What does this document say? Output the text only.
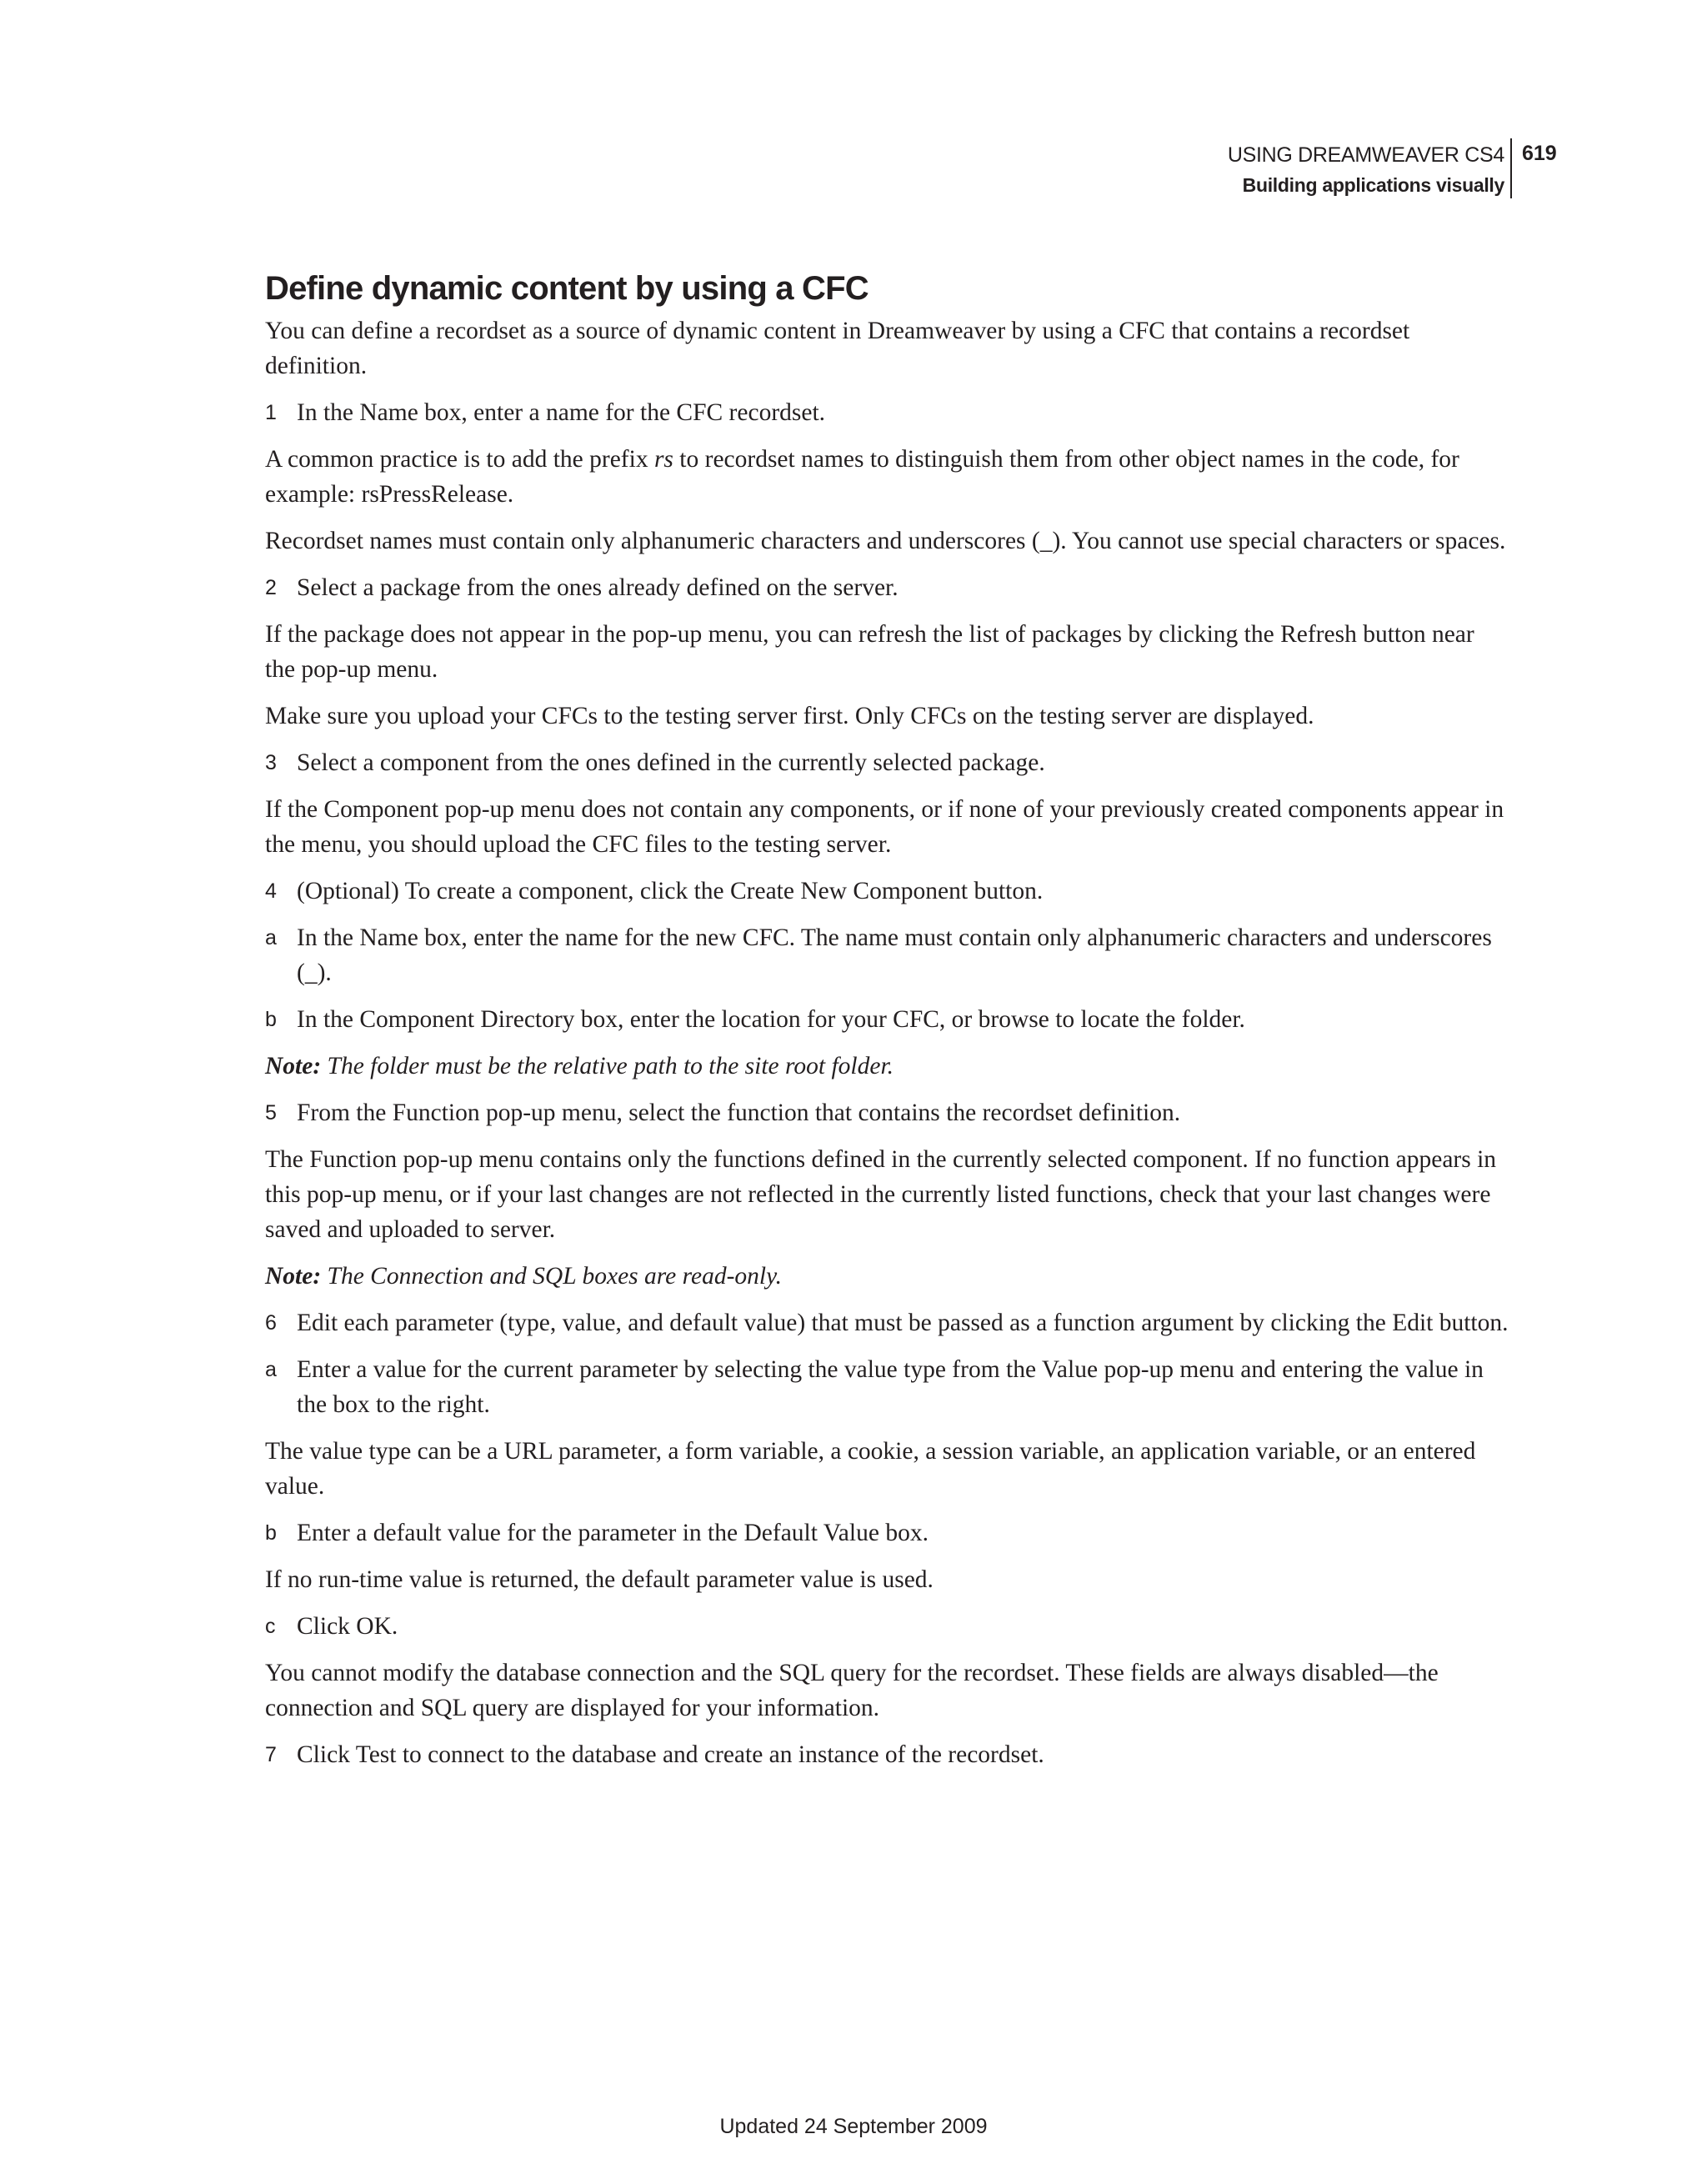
USING DREAMWEAVER CS4
Building applications visually
619
Define dynamic content by using a CFC

You can define a recordset as a source of dynamic content in Dreamweaver by using a CFC that contains a recordset definition.

1 In the Name box, enter a name for the CFC recordset.

A common practice is to add the prefix rs to recordset names to distinguish them from other object names in the code, for example: rsPressRelease.

Recordset names must contain only alphanumeric characters and underscores (_). You cannot use special characters or spaces.

2 Select a package from the ones already defined on the server.

If the package does not appear in the pop-up menu, you can refresh the list of packages by clicking the Refresh button near the pop-up menu.

Make sure you upload your CFCs to the testing server first. Only CFCs on the testing server are displayed.

3 Select a component from the ones defined in the currently selected package.

If the Component pop-up menu does not contain any components, or if none of your previously created components appear in the menu, you should upload the CFC files to the testing server.

4 (Optional) To create a component, click the Create New Component button.
a In the Name box, enter the name for the new CFC. The name must contain only alphanumeric characters and underscores (_).
b In the Component Directory box, enter the location for your CFC, or browse to locate the folder.

Note: The folder must be the relative path to the site root folder.

5 From the Function pop-up menu, select the function that contains the recordset definition.

The Function pop-up menu contains only the functions defined in the currently selected component. If no function appears in this pop-up menu, or if your last changes are not reflected in the currently listed functions, check that your last changes were saved and uploaded to server.

Note: The Connection and SQL boxes are read-only.

6 Edit each parameter (type, value, and default value) that must be passed as a function argument by clicking the Edit button.
a Enter a value for the current parameter by selecting the value type from the Value pop-up menu and entering the value in the box to the right.

The value type can be a URL parameter, a form variable, a cookie, a session variable, an application variable, or an entered value.

b Enter a default value for the parameter in the Default Value box.

If no run-time value is returned, the default parameter value is used.

c Click OK.

You cannot modify the database connection and the SQL query for the recordset. These fields are always disabled—the connection and SQL query are displayed for your information.

7 Click Test to connect to the database and create an instance of the recordset.
Updated 24 September 2009
